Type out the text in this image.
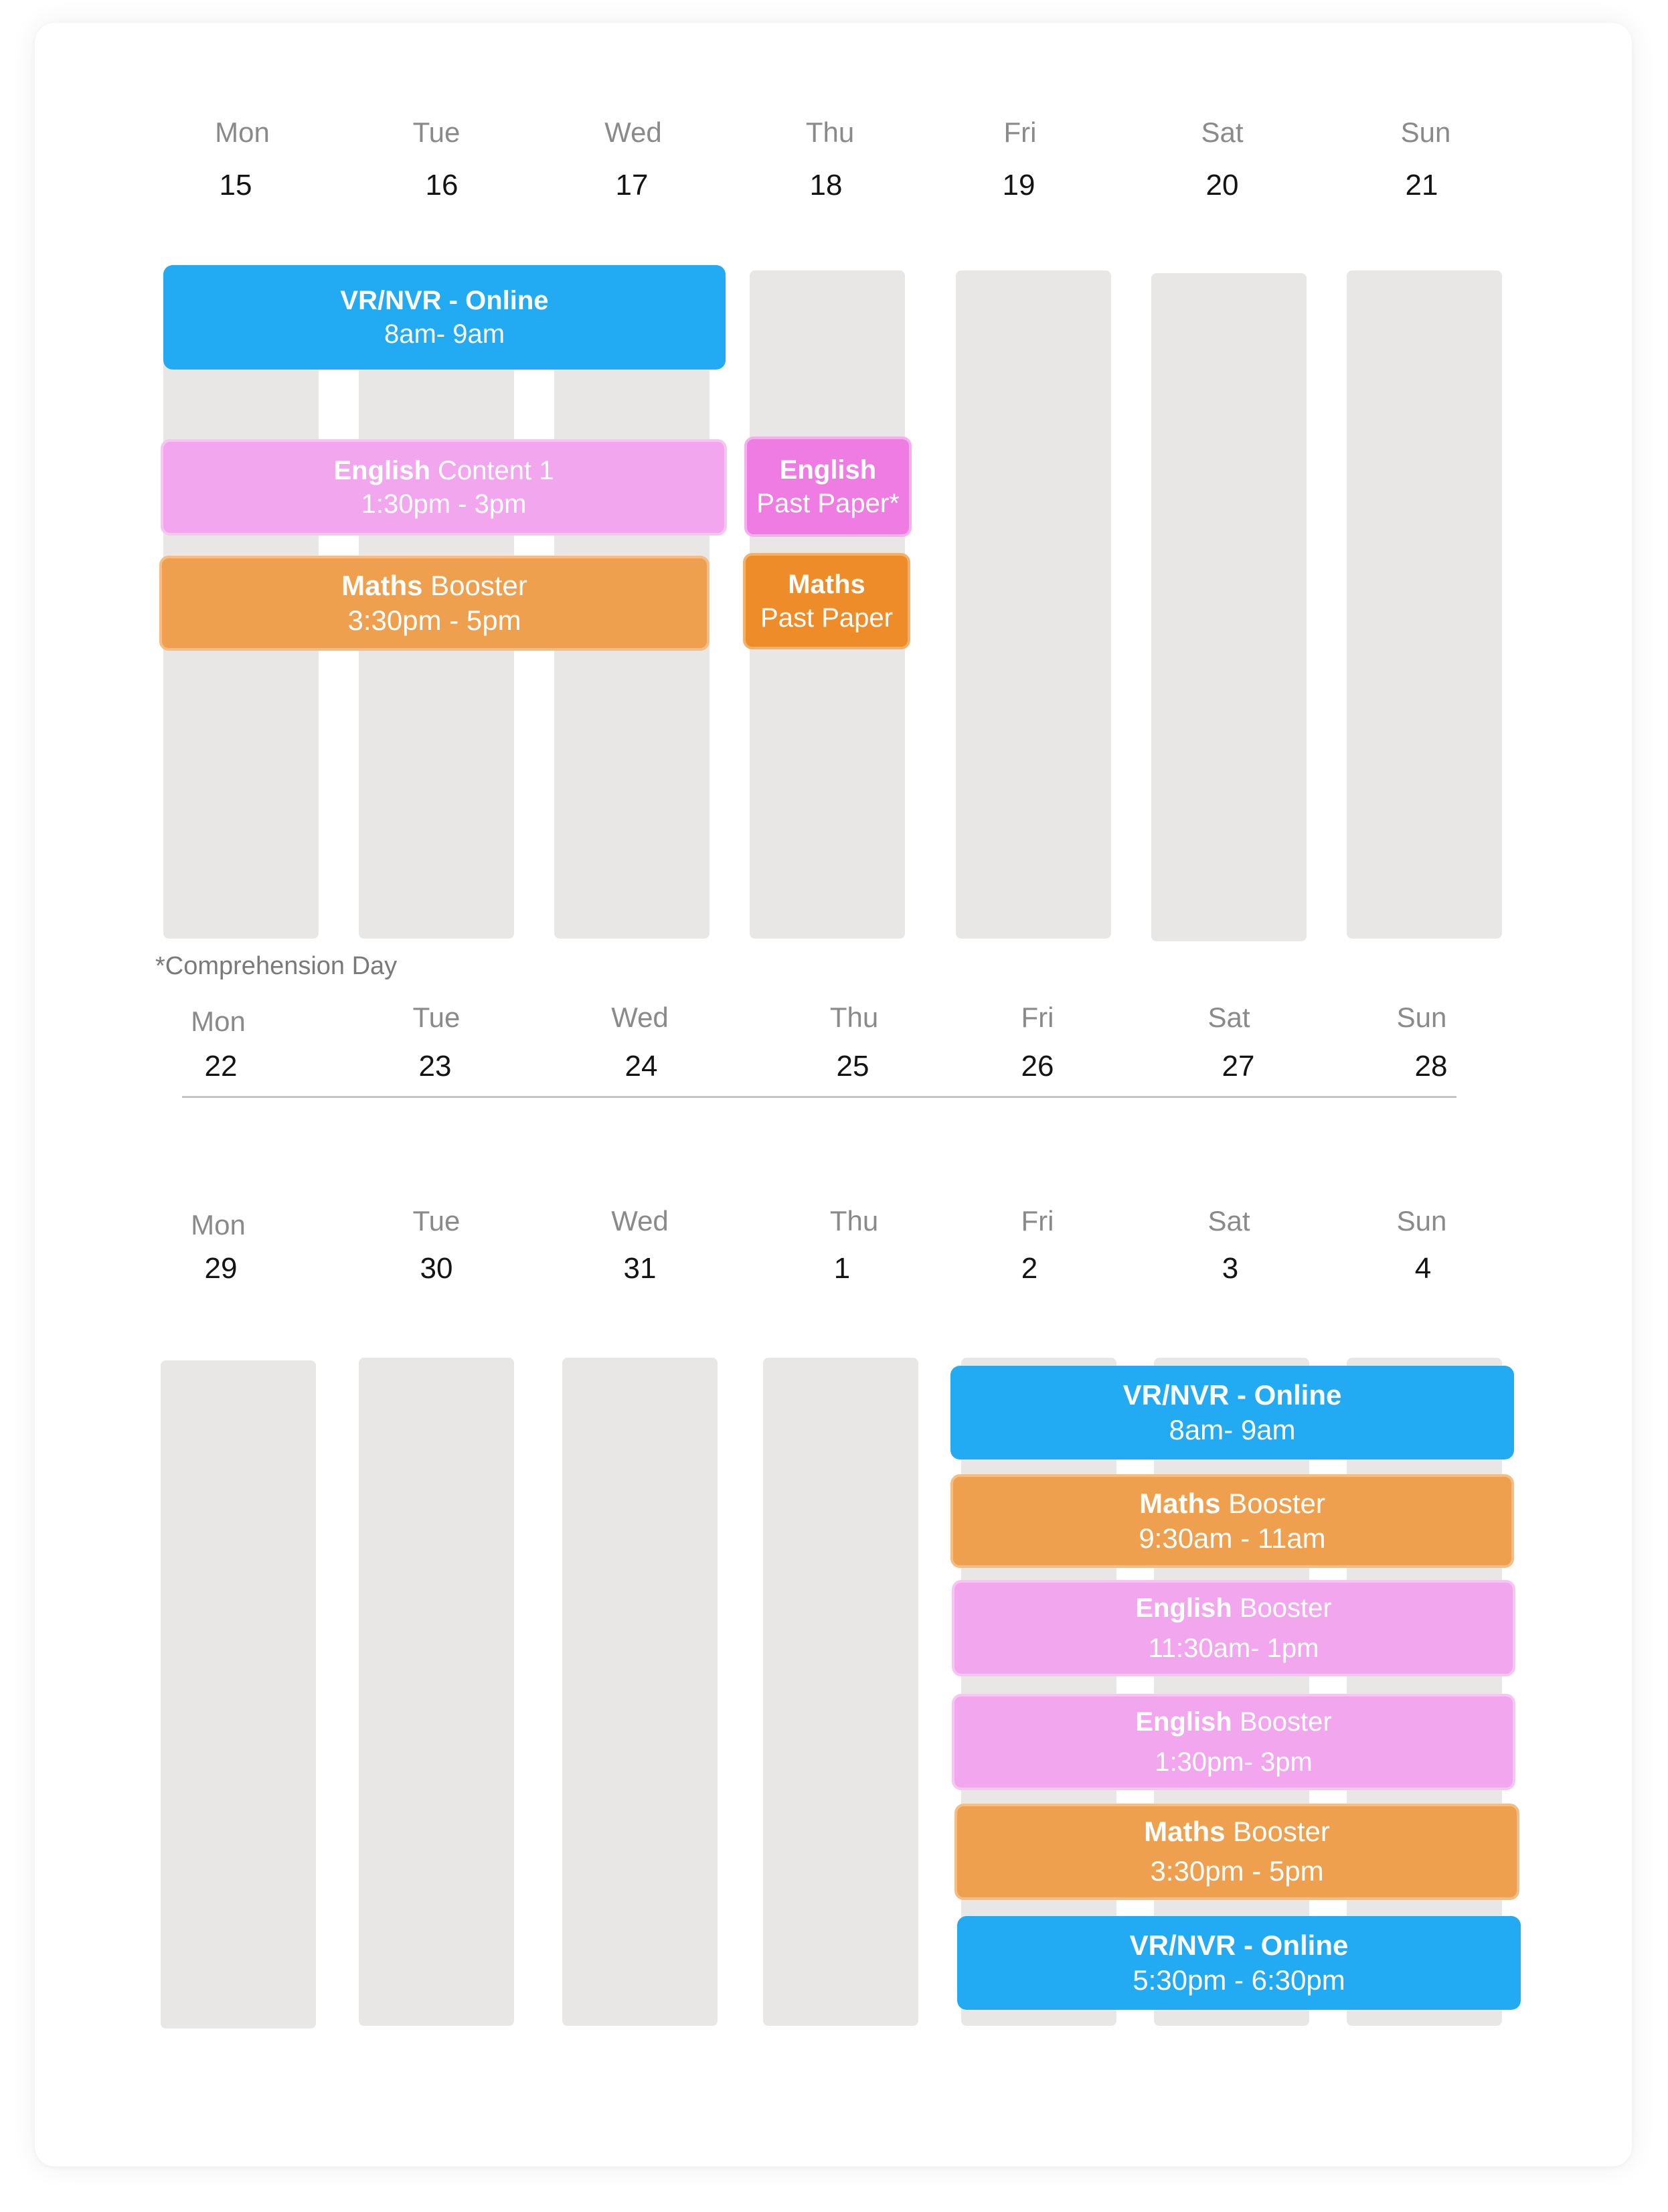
Mon
15
Tue
16
Wed
17
Thu
18
Fri
19
Sat
20
Sun
21
VR/NVR - Online
8am- 9am
English Content 1
1:30pm - 3pm
Maths Booster
3:30pm - 5pm
English
Past Paper*
Maths
Past Paper
*Comprehension Day
Mon
22
Tue
23
Wed
24
Thu
25
Fri
26
Sat
27
Sun
28
Mon
29
Tue
30
Wed
31
Thu
1
Fri
2
Sat
3
Sun
4
VR/NVR - Online
8am- 9am
Maths Booster
9:30am - 11am
English Booster
11:30am- 1pm
English Booster
1:30pm- 3pm
Maths Booster
3:30pm - 5pm
VR/NVR - Online
5:30pm - 6:30pm
